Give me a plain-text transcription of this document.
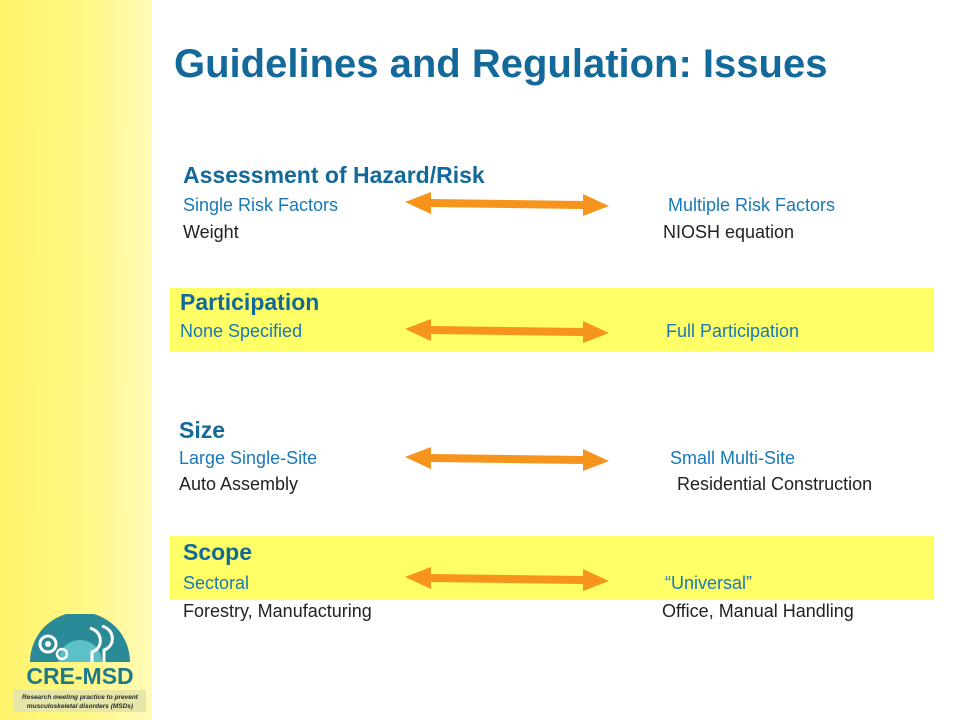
Guidelines and Regulation: Issues
Assessment of Hazard/Risk
Single Risk Factors	Multiple Risk Factors
Weight	NIOSH equation
Participation
None Specified	Full Participation
Size
Large Single-Site	Small Multi-Site
Auto Assembly	Residential Construction
Scope
Sectoral	“Universal”
Forestry, Manufacturing	Office, Manual Handling
CRE-MSD
Research meeting practice to prevent
musculoskeletal disorders (MSDs)
